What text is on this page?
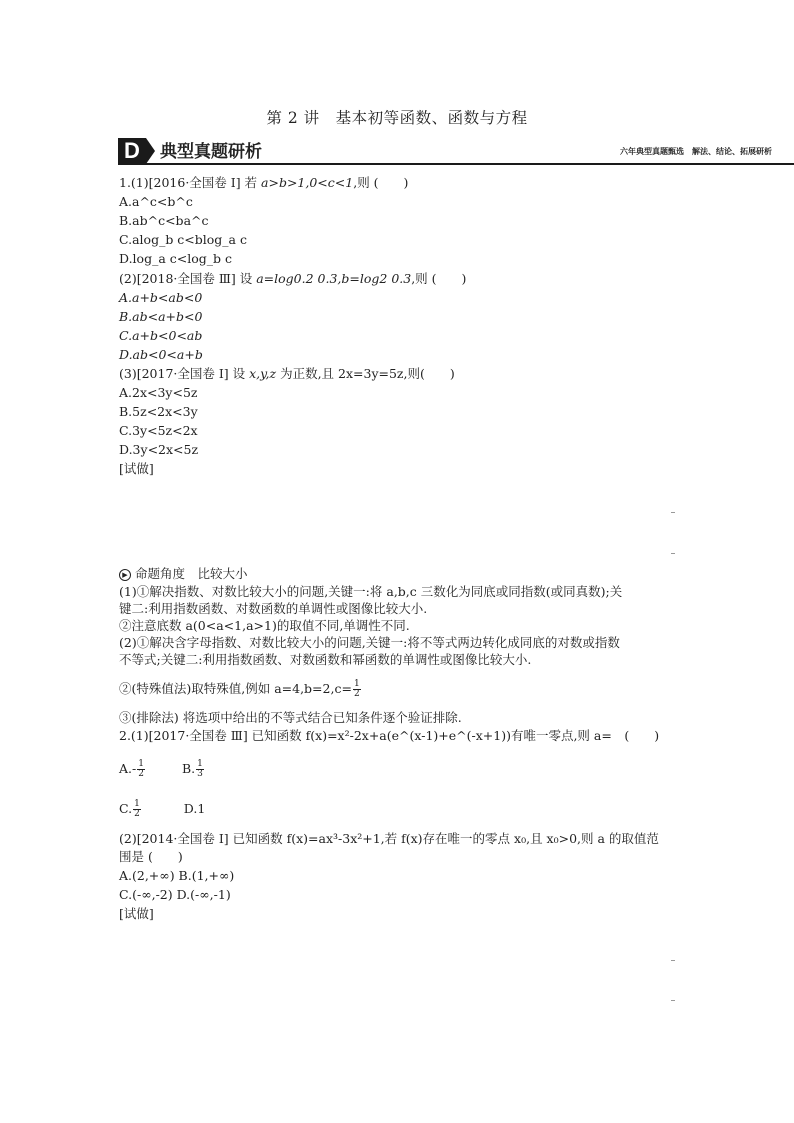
第 2 讲　基本初等函数、函数与方程
D	典型真题研析	六年典型真题甄选　解法、结论、拓展研析
1.(1)[2016·全国卷 Ⅰ] 若 a>b>1,0<c<1,则 (　　)
A.a^c<b^c
B.ab^c<ba^c
C.alog_b c<blog_a c
D.log_a c<log_b c
(2)[2018·全国卷 Ⅲ] 设 a=log0.2 0.3,b=log2 0.3,则 (　　)
A.a+b<ab<0
B.ab<a+b<0
C.a+b<0<ab
D.ab<0<a+b
(3)[2017·全国卷 Ⅰ] 设 x,y,z 为正数,且 2x=3y=5z,则(　　)
A.2x<3y<5z
B.5z<2x<3y
C.3y<5z<2x
D.3y<2x<5z
[试做]
▶ 命题角度　比较大小
(1)①解决指数、对数比较大小的问题,关键一:将 a,b,c 三数化为同底或同指数(或同真数);关
键二:利用指数函数、对数函数的单调性或图像比较大小.
②注意底数 a(0<a<1,a>1)的取值不同,单调性不同.
(2)①解决含字母指数、对数比较大小的问题,关键一:将不等式两边转化成同底的对数或指数
不等式;关键二:利用指数函数、对数函数和幂函数的单调性或图像比较大小.
②(特殊值法)取特殊值,例如 $a=4,b=2,c= \frac{1}{2}$
③(排除法) 将选项中给出的不等式结合已知条件逐个验证排除.
2.(1)[2017·全国卷 Ⅲ] 已知函数 f(x)=x²-2x+a(e^(x-1)+e^(-x+1))有唯一零点,则 a=　(　　)
$A.- \frac{1}{2}$	B. $\frac{1}{3}$
C. $\frac{1}{2}$	D.1
(2)[2014·全国卷 Ⅰ] 已知函数 f(x)=ax³-3x²+1,若 f(x)存在唯一的零点 x₀,且 x₀>0,则 a 的取值范
围是 (　　)
A.(2,+∞) B.(1,+∞)
C.(-∞,-2) D.(-∞,-1)
[试做]
